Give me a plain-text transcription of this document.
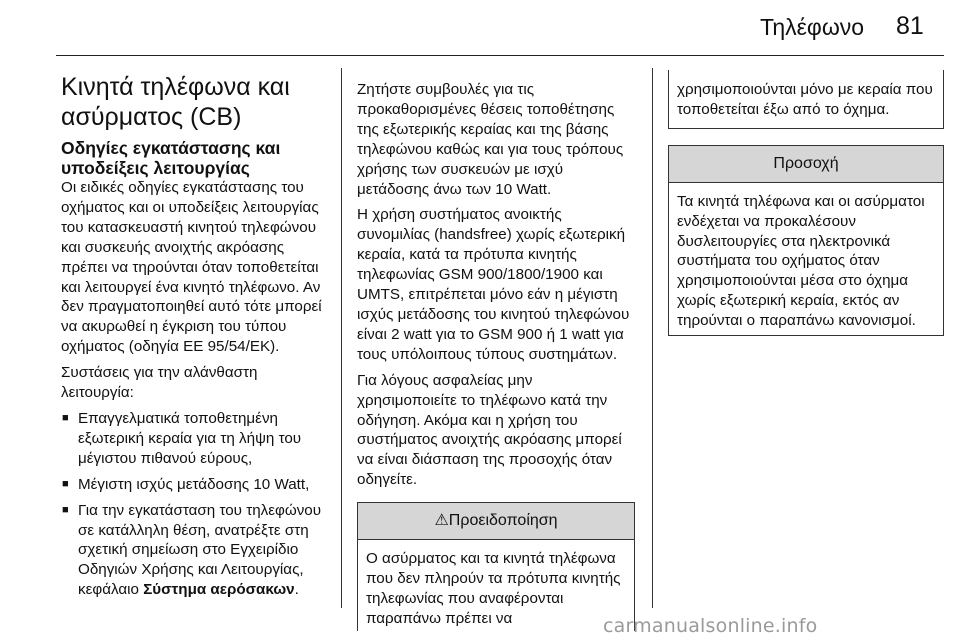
Τηλέφωνο 81
Κινητά τηλέφωνα και ασύρματος (CB)
Οδηγίες εγκατάστασης και υποδείξεις λειτουργίας

Οι ειδικές οδηγίες εγκατάστασης του οχήματος και οι υποδείξεις λειτουργίας του κατασκευαστή κινητού τηλεφώνου και συσκευής ανοιχτής ακρόασης πρέπει να τηρούνται όταν τοποθετείται και λειτουργεί ένα κινητό τηλέφωνο. Αν δεν πραγματοποιηθεί αυτό τότε μπορεί να ακυρωθεί η έγκριση του τύπου οχήματος (οδηγία EE 95/54/EK).

Συστάσεις για την αλάνθαστη λειτουργία:

■ Επαγγελματικά τοποθετημένη εξωτερική κεραία για τη λήψη του μέγιστου πιθανού εύρους,
■ Μέγιστη ισχύς μετάδοσης 10 Watt,
■ Για την εγκατάσταση του τηλεφώνου σε κατάλληλη θέση, ανατρέξτε στη σχετική σημείωση στο Εγχειρίδιο Οδηγιών Χρήσης και Λειτουργίας, κεφάλαιο Σύστημα αερόσακων.

Ζητήστε συμβουλές για τις προκαθορισμένες θέσεις τοποθέτησης της εξωτερικής κεραίας και της βάσης τηλεφώνου καθώς και για τους τρόπους χρήσης των συσκευών με ισχύ μετάδοσης άνω των 10 Watt.

Η χρήση συστήματος ανοικτής συνομιλίας (handsfree) χωρίς εξωτερική κεραία, κατά τα πρότυπα κινητής τηλεφωνίας GSM 900/1800/1900 και UMTS, επιτρέπεται μόνο εάν η μέγιστη ισχύς μετάδοσης του κινητού τηλεφώνου είναι 2 watt για το GSM 900 ή 1 watt για τους υπόλοιπους τύπους συστημάτων.

Για λόγους ασφαλείας μην χρησιμοποιείτε το τηλέφωνο κατά την οδήγηση. Ακόμα και η χρήση του συστήματος ανοιχτής ακρόασης μπορεί να είναι διάσπαση της προσοχής όταν οδηγείτε.

⚠Προειδοποίηση
Ο ασύρματος και τα κινητά τηλέφωνα που δεν πληρούν τα πρότυπα κινητής τηλεφωνίας που αναφέρονται παραπάνω πρέπει να
χρησιμοποιούνται μόνο με κεραία που τοποθετείται έξω από το όχημα.
Προσοχή
Τα κινητά τηλέφωνα και οι ασύρματοι ενδέχεται να προκαλέσουν δυσλειτουργίες στα ηλεκτρονικά συστήματα του οχήματος όταν χρησιμοποιούνται μέσα στο όχημα χωρίς εξωτερική κεραία, εκτός αν τηρούνται ο παραπάνω κανονισμοί.
carmanualsonline.info
